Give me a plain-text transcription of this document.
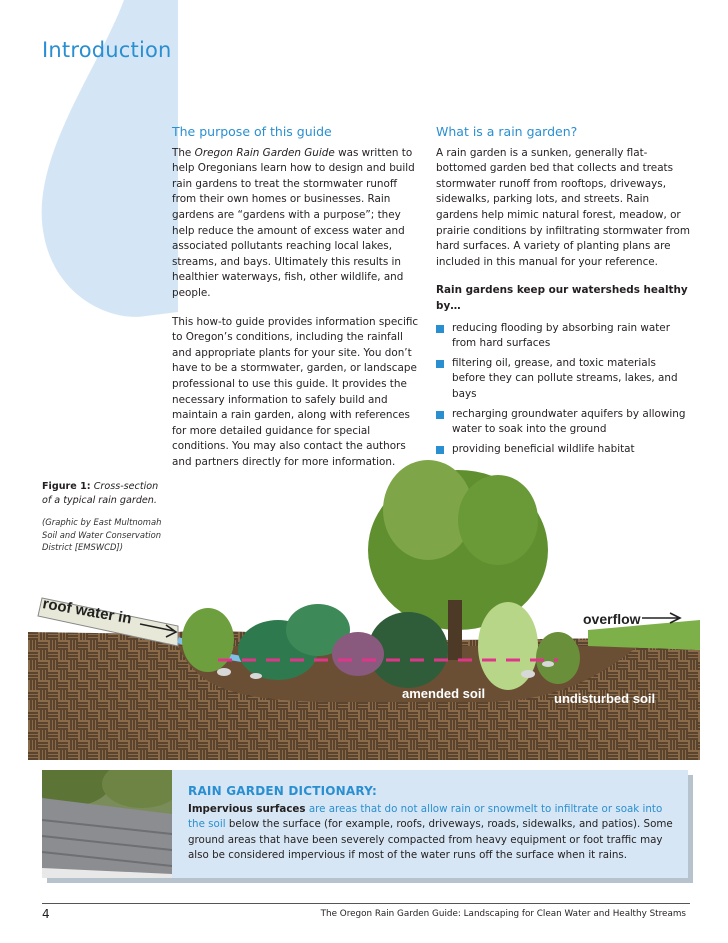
Introduction
The purpose of this guide

The Oregon Rain Garden Guide was written to help Oregonians learn how to design and build rain gardens to treat the stormwater runoff from their own homes or businesses. Rain gardens are “gardens with a purpose”; they help reduce the amount of excess water and associated pollutants reaching local lakes, streams, and bays. Ultimately this results in healthier waterways, fish, other wildlife, and people.

This how-to guide provides information specific to Oregon’s conditions, including the rainfall and appropriate plants for your site. You don’t have to be a stormwater, garden, or landscape professional to use this guide. It provides the necessary information to safely build and maintain a rain garden, along with references for more detailed guidance for special conditions. You may also contact the authors and partners directly for more information.

What is a rain garden?

A rain garden is a sunken, generally flat-bottomed garden bed that collects and treats stormwater runoff from rooftops, driveways, sidewalks, parking lots, and streets. Rain gardens help mimic natural forest, meadow, or prairie conditions by infiltrating stormwater from hard surfaces. A variety of planting plans are included in this manual for your reference.

Rain gardens keep our watersheds healthy by…

reducing flooding by absorbing rain water from hard surfaces
filtering oil, grease, and toxic materials before they can pollute streams, lakes, and bays
recharging groundwater aquifers by allowing water to soak into the ground
providing beneficial wildlife habitat
Figure 1: Cross-section of a typical rain garden.
(Graphic by East Multnomah Soil and Water Conservation District [EMSWCD])
roof water in	overflow
amended soil	undisturbed soil
RAIN GARDEN DICTIONARY:
Impervious surfaces are areas that do not allow rain or snowmelt to infiltrate or soak into the soil below the surface (for example, roofs, driveways, roads, sidewalks, and patios). Some ground areas that have been severely compacted from heavy equipment or foot traffic may also be considered impervious if most of the water runs off the surface when it rains.
4	The Oregon Rain Garden Guide: Landscaping for Clean Water and Healthy Streams
